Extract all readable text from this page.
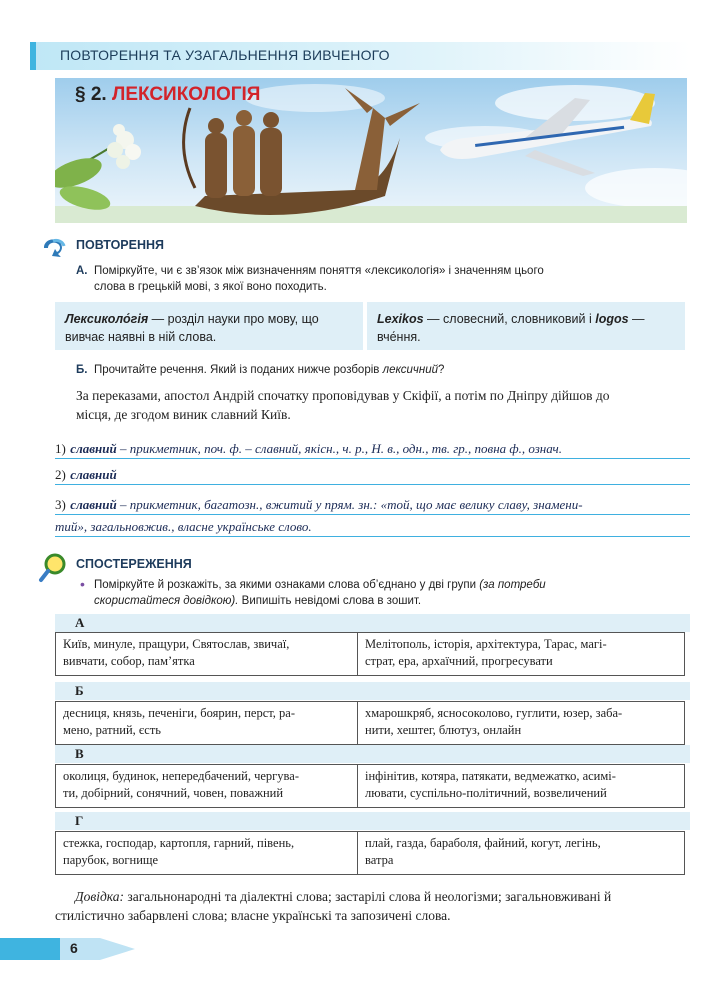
ПОВТОРЕННЯ ТА УЗАГАЛЬНЕННЯ ВИВЧЕНОГО
§ 2. ЛЕКСИКОЛОГІЯ
ПОВТОРЕННЯ
А. Поміркуйте, чи є зв’язок між визначенням поняття «лексикологія» і значенням цього
слова в грецькій мові, з якої воно походить.
Лексиколо́гія — розділ науки про мову, що
вивчає наявні в ній слова.
Lexikos — словесний, словниковий і logos —
вче́ння.
Б. Прочитайте речення. Який із поданих нижче розборів лексичний?
За переказами, апостол Андрій спочатку проповідував у Скіфії, а потім по Дніпру дійшов до
місця, де згодом виник славний Київ.
1) славний – прикметник, поч. ф. – славний, якісн., ч. р., Н. в., одн., тв. гр., повна ф., означ.
2) славний
3) славний – прикметник, багатозн., вжитий у прям. зн.: «той, що має велику славу, знамени-
тий», загальновжив., власне українське слово.
СПОСТЕРЕЖЕННЯ
• Поміркуйте й розкажіть, за якими ознаками слова об’єднано у дві групи (за потреби
скористайтеся довідкою). Випишіть невідомі слова в зошит.
А
Київ, минуле, пращури, Святослав, звичаї,
вивчати, собор, пам’ятка
Мелітополь, історія, архітектура, Тарас, магі-
страт, ера, архаїчний, прогресувати
Б
десниця, князь, печеніги, боярин, перст, ра-
мено, ратний, єсть
хмарошкряб, ясносоколово, гуглити, юзер, заба-
нити, хештег, блютуз, онлайн
В
околиця, будинок, непередбачений, чергува-
ти, добірний, сонячний, човен, поважний
інфінітив, котяра, патякати, ведмежатко, асимі-
лювати, суспільно-політичний, возвеличений
Г
стежка, господар, картопля, гарний, півень,
парубок, вогнище
плай, газда, бараболя, файний, когут, легінь,
ватра
Довідка: загальнонародні та діалектні слова; застарілі слова й неологізми; загальновживані й
стилістично забарвлені слова; власне українські та запозичені слова.
6
